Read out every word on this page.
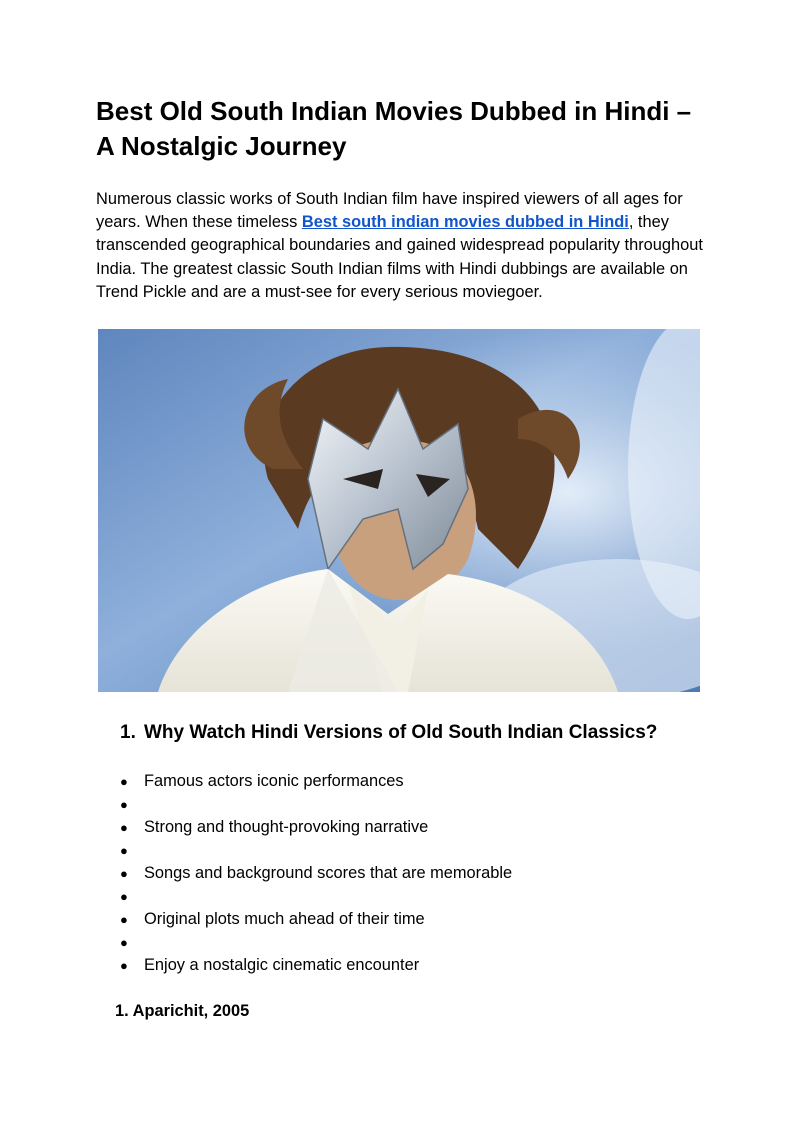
Best Old South Indian Movies Dubbed in Hindi – A Nostalgic Journey

Numerous classic works of South Indian film have inspired viewers of all ages for years. When these timeless Best south indian movies dubbed in Hindi, they transcended geographical boundaries and gained widespread popularity throughout India. The greatest classic South Indian films with Hindi dubbings are available on Trend Pickle and are a must-see for every serious moviegoer.

1. Why Watch Hindi Versions of Old South Indian Classics?
● Famous actors iconic performances
●
● Strong and thought-provoking narrative
●
● Songs and background scores that are memorable
●
● Original plots much ahead of their time
●
● Enjoy a nostalgic cinematic encounter
1. Aparichit, 2005
